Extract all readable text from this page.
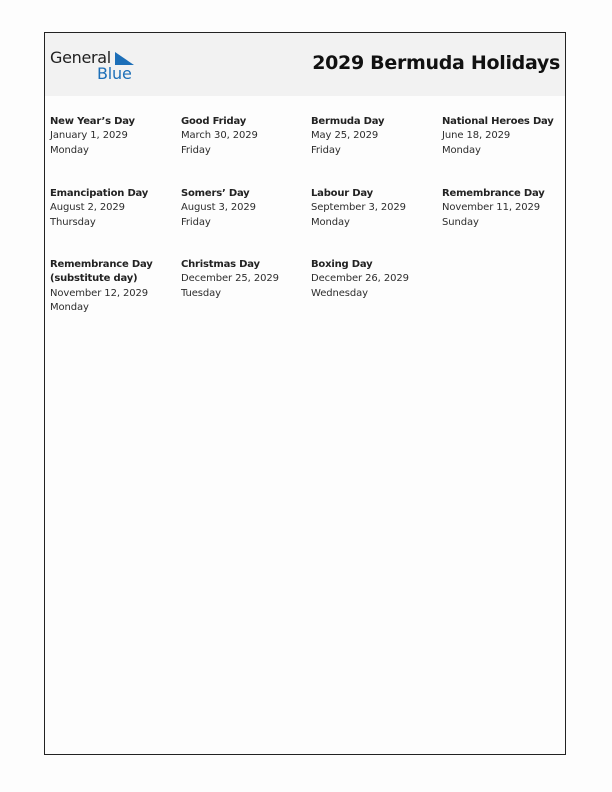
General
Blue	2029 Bermuda Holidays
New Year’s Day
January 1, 2029
Monday
Good Friday
March 30, 2029
Friday
Bermuda Day
May 25, 2029
Friday
National Heroes Day
June 18, 2029
Monday
Emancipation Day
August 2, 2029
Thursday
Somers’ Day
August 3, 2029
Friday
Labour Day
September 3, 2029
Monday
Remembrance Day
November 11, 2029
Sunday
Remembrance Day (substitute day)
November 12, 2029
Monday
Christmas Day
December 25, 2029
Tuesday
Boxing Day
December 26, 2029
Wednesday
